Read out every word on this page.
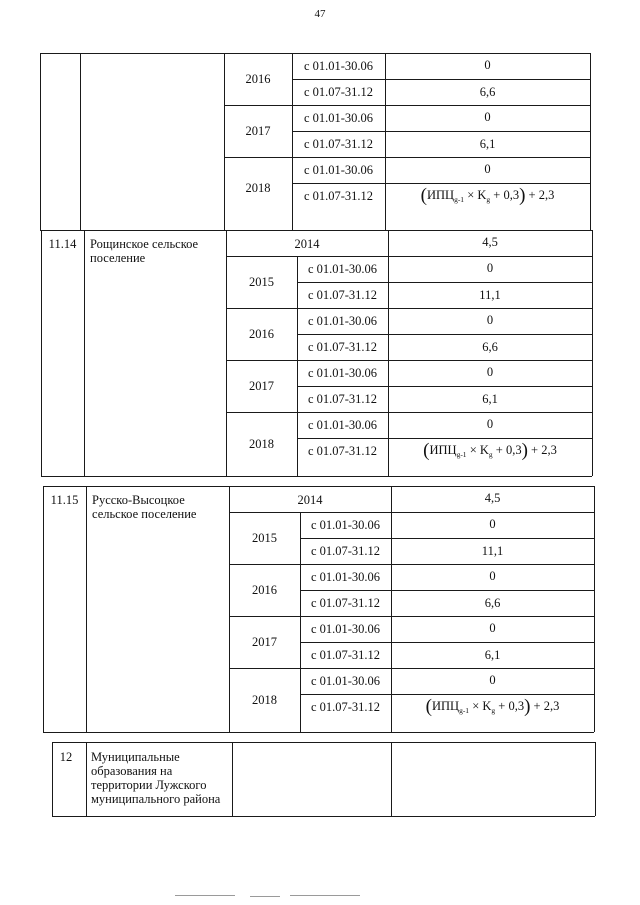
47
2016
с 01.01-30.06	0
с 01.07-31.12	6,6
2017
с 01.01-30.06	0
с 01.07-31.12	6,1
2018
с 01.01-30.06	0
с 01.07-31.12	$(ИПЦ_{g-1} \times K_g + 0,3) + 2,3$
11.14	Рощинское сельское поселение
2014	4,5
2015
с 01.01-30.06	0
с 01.07-31.12	11,1
2016
с 01.01-30.06	0
с 01.07-31.12	6,6
2017
с 01.01-30.06	0
с 01.07-31.12	6,1
2018
с 01.01-30.06	0
с 01.07-31.12	$(ИПЦ_{g-1} \times K_g + 0,3) + 2,3$
11.15	Русско-Высоцкое сельское поселение
2014	4,5
2015
с 01.01-30.06	0
с 01.07-31.12	11,1
2016
с 01.01-30.06	0
с 01.07-31.12	6,6
2017
с 01.01-30.06	0
с 01.07-31.12	6,1
2018
с 01.01-30.06	0
с 01.07-31.12	$(ИПЦ_{g-1} \times K_g + 0,3) + 2,3$
12	Муниципальные образования на территории Лужского муниципального района
